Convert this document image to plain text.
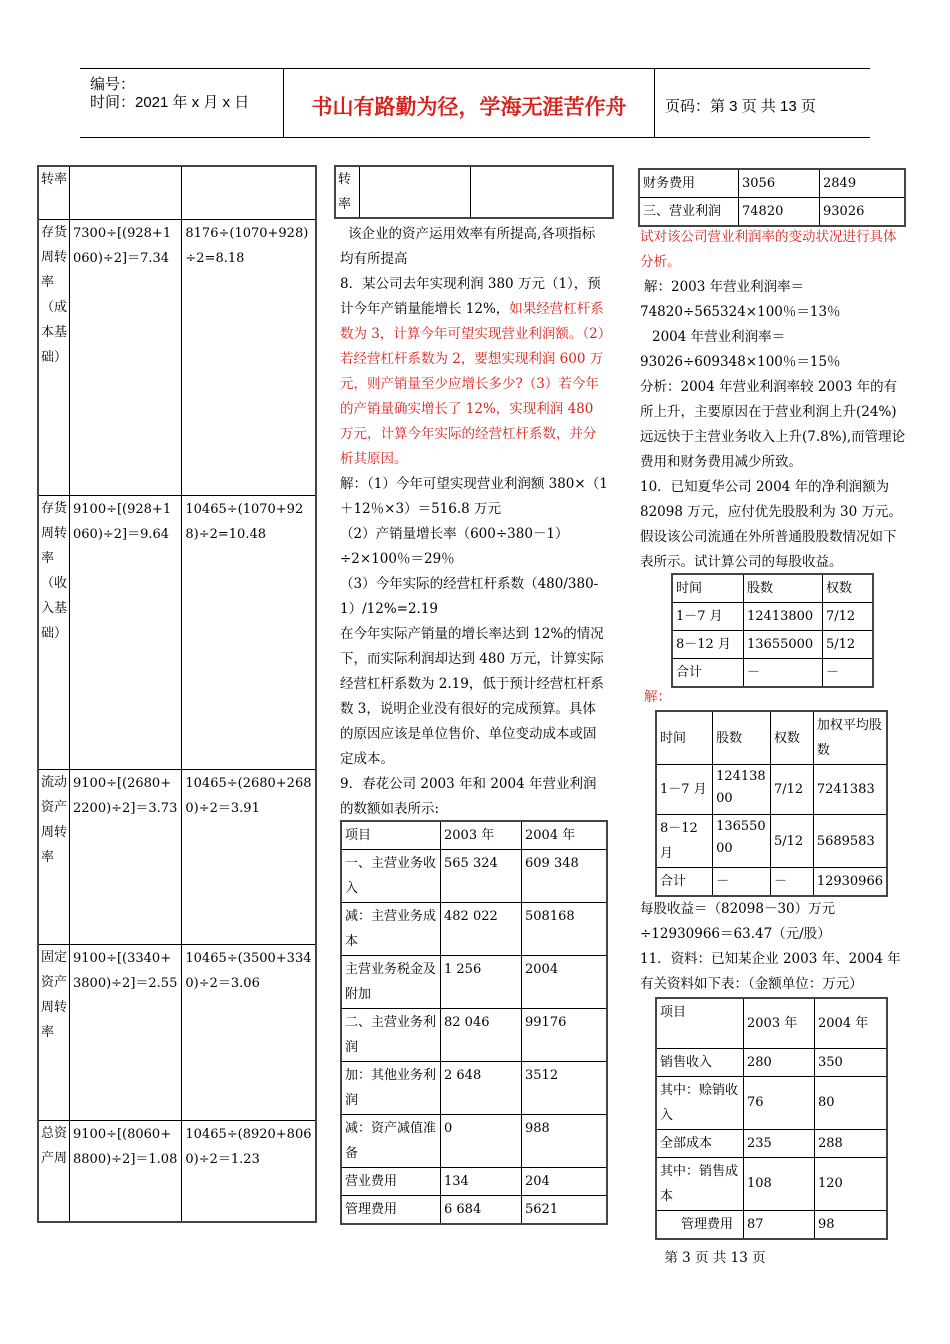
编号：
时间：2021 年 x 月 x 日	书山有路勤为径，学海无涯苦作舟	页码：第 3 页 共 13 页
转率		
存货周转率（成本基础）	7300÷[(928+1060)÷2]＝7.34	8176÷(1070+928)÷2=8.18
存货周转率（收入基础）	9100÷[(928+1060)÷2]＝9.64	10465÷(1070+928)÷2=10.48
流动资产周转率	9100÷[(2680+2200)÷2]＝3.73	10465÷(2680+2680)÷2＝3.91
固定资产周转率	9100÷[(3340+3800)÷2]＝2.55	10465÷(3500+3340)÷2＝3.06
总资产周	9100÷[(8060+8800)÷2]＝1.08	10465÷(8920+8060)÷2＝1.23
转率		

该企业的资产运用效率有所提高,各项指标均有所提高

8．某公司去年实现利润 380 万元（1），预计今年产销量能增长 12%，如果经营杠杆系数为 3，计算今年可望实现营业利润额。（2）若经营杠杆系数为 2，要想实现利润 600 万元，则产销量至少应增长多少?（3）若今年的产销量确实增长了 12%，实现利润 480 万元，计算今年实际的经营杠杆系数，并分析其原因。

解：（1）今年可望实现营业利润额 380×（1＋12％×3）＝516.8 万元

（2）产销量增长率（600÷380－1）÷2×100％＝29％

（3）今年实际的经营杠杆系数（480/380-1）/12%=2.19

在今年实际产销量的增长率达到 12%的情况下，而实际利润却达到 480 万元，计算实际经营杠杆系数为 2.19，低于预计经营杠杆系数 3，说明企业没有很好的完成预算。具体的原因应该是单位售价、单位变动成本或固定成本。

9．春花公司 2003 年和 2004 年营业利润的数额如表所示:

项目	2003 年	2004 年
一、主营业务收入	565 324	609 348
减：主营业务成本	482 022	508168
主营业务税金及附加	1 256	2004
二、主营业务利润	82 046	99176
加：其他业务利润	2 648	3512
减：资产减值准备	0	988
营业费用	134	204
管理费用	6 684	5621
财务费用	3056	2849
三、营业利润	74820	93026

试对该公司营业利润率的变动状况进行具体分析。

解：2003 年营业利润率＝74820÷565324×100％＝13％

2004 年营业利润率＝93026÷609348×100％＝15％

分析：2004 年营业利润率较 2003 年的有所上升，主要原因在于营业利润上升(24%)远远快于主营业务收入上升(7.8%),而管理论费用和财务费用减少所致。

10．已知夏华公司 2004 年的净利润额为 82098 万元，应付优先股股利为 30 万元。假设该公司流通在外所普通股股数情况如下表所示。试计算公司的每股收益。

时间	股数	权数
1－7 月	12413800	7/12
8－12 月	13655000	5/12
合计	－	－
解：
时间	股数	权数	加权平均股数
1－7 月	12413800	7/12	7241383
8－12 月	13655000	5/12	5689583
合计	－	－	12930966

每股收益＝（82098－30）万元÷12930966＝63.47（元/股）

11．资料：已知某企业 2003 年、2004 年有关资料如下表：（金额单位：万元）

项目	2003 年	2004 年
销售收入	280	350
其中：赊销收入	76	80
全部成本	235	288
其中：销售成本	108	120
管理费用	87	98
第 3 页 共 13 页
